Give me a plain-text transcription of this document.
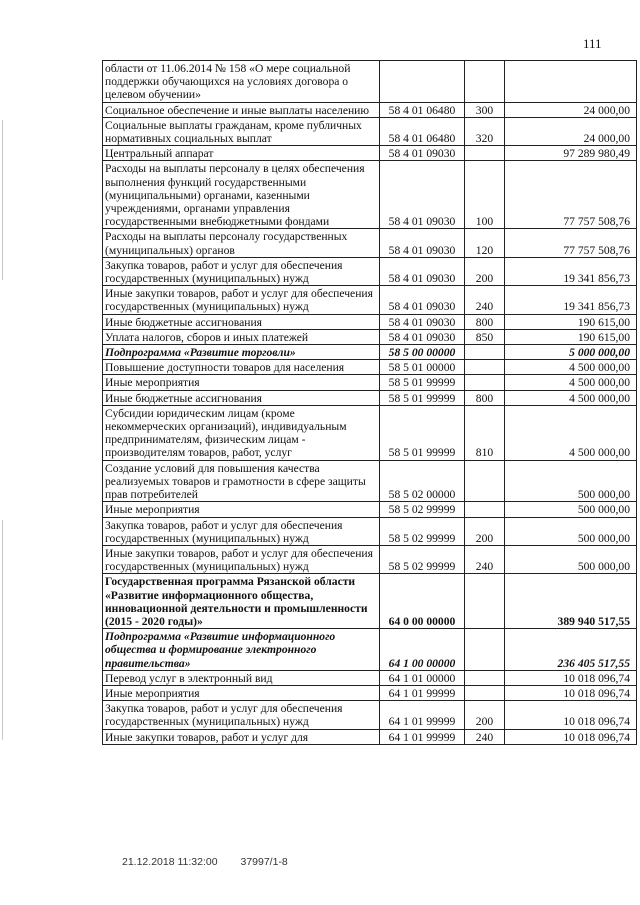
111
области от 11.06.2014 № 158 «О мере социальной поддержки обучающихся на условиях договора о целевом обучении»			
Социальное обеспечение и иные выплаты населению	58 4 01 06480	300	24 000,00
Социальные выплаты гражданам, кроме публичных нормативных социальных выплат	58 4 01 06480	320	24 000,00
Центральный аппарат	58 4 01 09030		97 289 980,49
Расходы на выплаты персоналу в целях обеспечения выполнения функций государственными (муниципальными) органами, казенными учреждениями, органами управления государственными внебюджетными фондами	58 4 01 09030	100	77 757 508,76
Расходы на выплаты персоналу государственных (муниципальных) органов	58 4 01 09030	120	77 757 508,76
Закупка товаров, работ и услуг для обеспечения государственных (муниципальных) нужд	58 4 01 09030	200	19 341 856,73
Иные закупки товаров, работ и услуг для обеспечения государственных (муниципальных) нужд	58 4 01 09030	240	19 341 856,73
Иные бюджетные ассигнования	58 4 01 09030	800	190 615,00
Уплата налогов, сборов и иных платежей	58 4 01 09030	850	190 615,00
Подпрограмма «Развитие торговли»	58 5 00 00000		5 000 000,00
Повышение доступности товаров для населения	58 5 01 00000		4 500 000,00
Иные мероприятия	58 5 01 99999		4 500 000,00
Иные бюджетные ассигнования	58 5 01 99999	800	4 500 000,00
Субсидии юридическим лицам (кроме некоммерческих организаций), индивидуальным предпринимателям, физическим лицам - производителям товаров, работ, услуг	58 5 01 99999	810	4 500 000,00
Создание условий для повышения качества реализуемых товаров и грамотности в сфере защиты прав потребителей	58 5 02 00000		500 000,00
Иные мероприятия	58 5 02 99999		500 000,00
Закупка товаров, работ и услуг для обеспечения государственных (муниципальных) нужд	58 5 02 99999	200	500 000,00
Иные закупки товаров, работ и услуг для обеспечения государственных (муниципальных) нужд	58 5 02 99999	240	500 000,00
Государственная программа Рязанской области «Развитие информационного общества, инновационной деятельности и промышленности (2015 - 2020 годы)»	64 0 00 00000		389 940 517,55
Подпрограмма «Развитие информационного общества и формирование электронного правительства»	64 1 00 00000		236 405 517,55
Перевод услуг в электронный вид	64 1 01 00000		10 018 096,74
Иные мероприятия	64 1 01 99999		10 018 096,74
Закупка товаров, работ и услуг для обеспечения государственных (муниципальных) нужд	64 1 01 99999	200	10 018 096,74
Иные закупки товаров, работ и услуг для	64 1 01 99999	240	10 018 096,74
21.12.2018 11:32:00 37997/1-8
